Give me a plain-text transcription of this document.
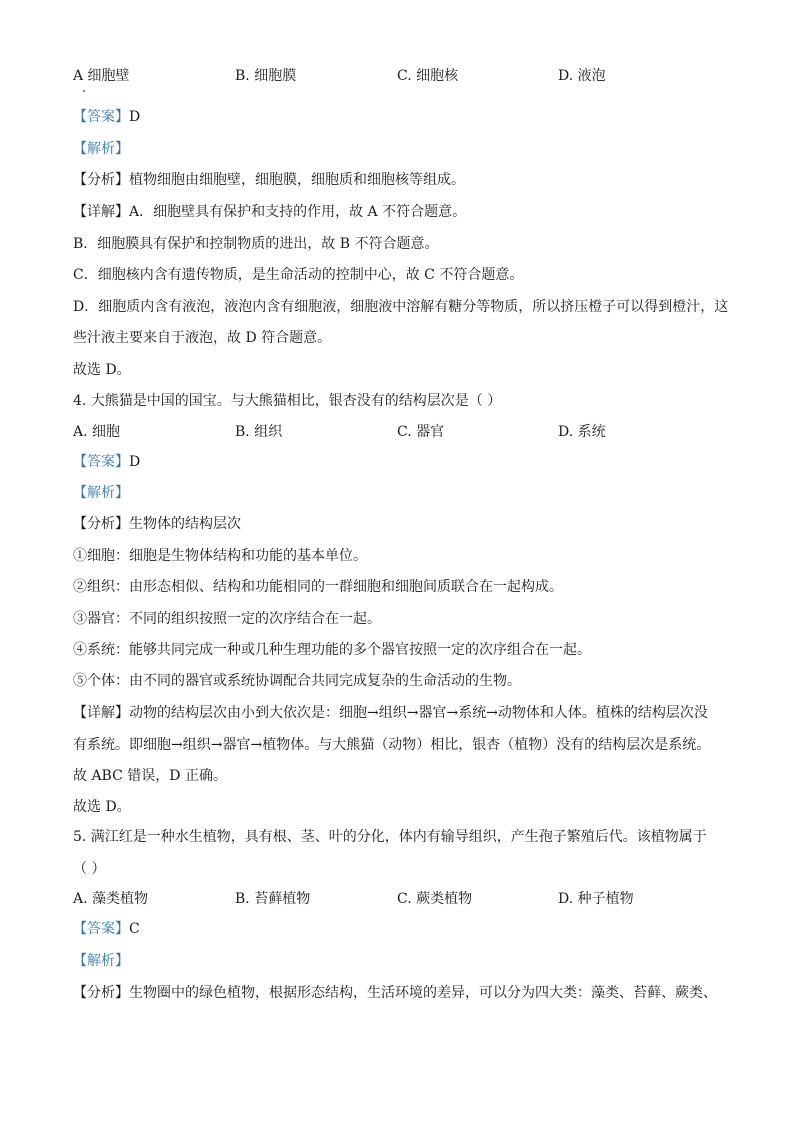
A 细胞壁	B. 细胞膜	C. 细胞核	D. 液泡
【答案】D
【解析】
【分析】植物细胞由细胞壁，细胞膜，细胞质和细胞核等组成。
【详解】A．细胞壁具有保护和支持的作用，故 A 不符合题意。
B．细胞膜具有保护和控制物质的进出，故 B 不符合题意。
C．细胞核内含有遗传物质，是生命活动的控制中心，故 C 不符合题意。
D．细胞质内含有液泡，液泡内含有细胞液，细胞液中溶解有糖分等物质，所以挤压橙子可以得到橙汁，这
些汁液主要来自于液泡，故 D 符合题意。
故选 D。
4. 大熊猫是中国的国宝。与大熊猫相比，银杏没有的结构层次是（ ）
A. 细胞	B. 组织	C. 器官	D. 系统
【答案】D
【解析】
【分析】生物体的结构层次
①细胞：细胞是生物体结构和功能的基本单位。
②组织：由形态相似、结构和功能相同的一群细胞和细胞间质联合在一起构成。
③器官：不同的组织按照一定的次序结合在一起。
④系统：能够共同完成一种或几种生理功能的多个器官按照一定的次序组合在一起。
⑤个体：由不同的器官或系统协调配合共同完成复杂的生命活动的生物。
【详解】动物的结构层次由小到大依次是：细胞→组织→器官→系统→动物体和人体。植株的结构层次没
有系统。即细胞→组织→器官→植物体。与大熊猫（动物）相比，银杏（植物）没有的结构层次是系统。
故 ABC 错误，D 正确。
故选 D。
5. 满江红是一种水生植物，具有根、茎、叶的分化，体内有输导组织，产生孢子繁殖后代。该植物属于
（ ）
A. 藻类植物	B. 苔藓植物	C. 蕨类植物	D. 种子植物
【答案】C
【解析】
【分析】生物圈中的绿色植物，根据形态结构，生活环境的差异，可以分为四大类：藻类、苔藓、蕨类、
